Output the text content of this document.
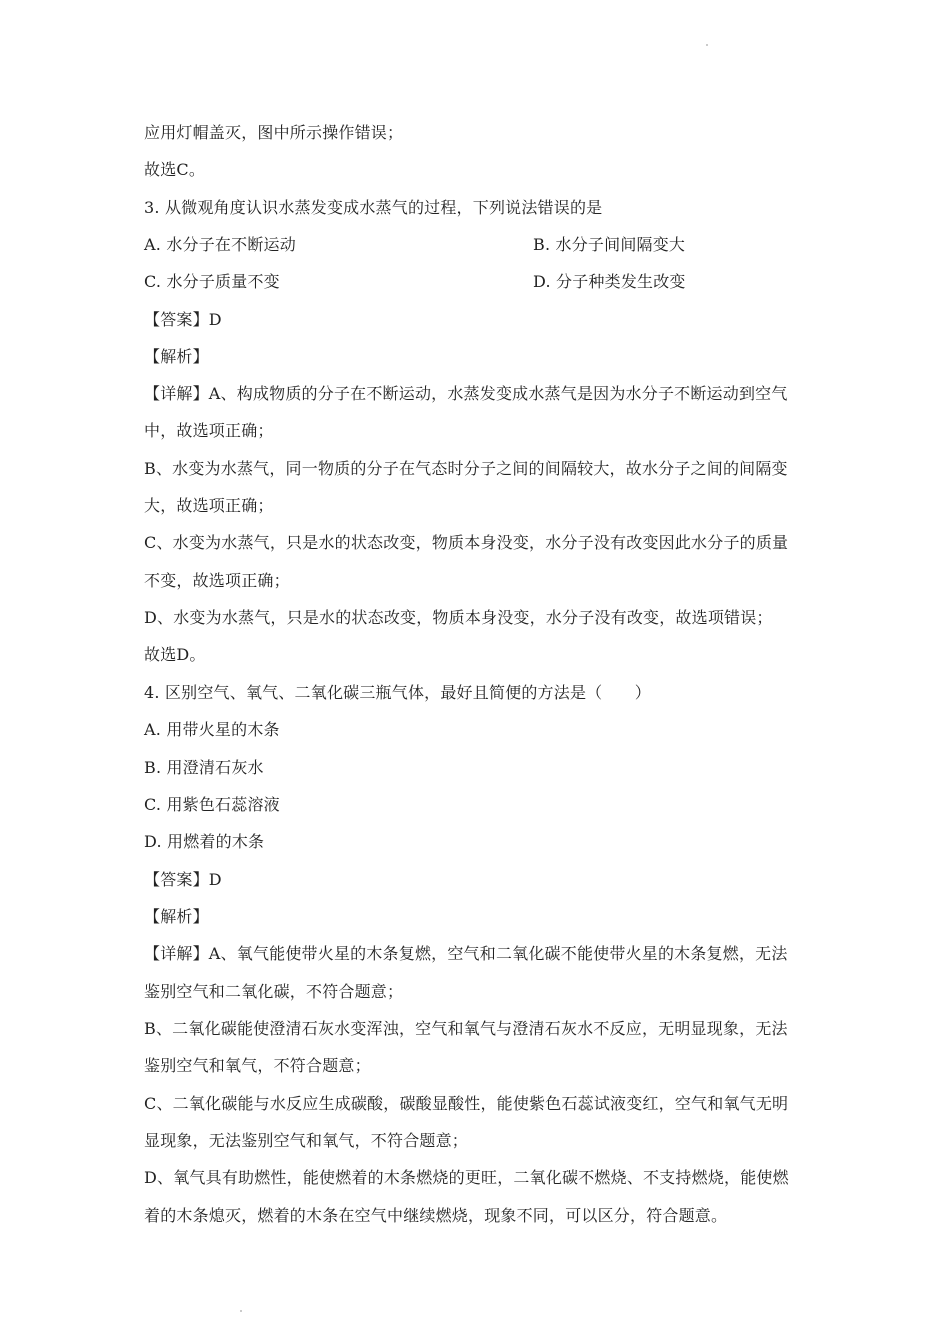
应用灯帽盖灭，图中所示操作错误；
故选C。
3. 从微观角度认识水蒸发变成水蒸气的过程，下列说法错误的是
A. 水分子在不断运动	B. 水分子间间隔变大
C. 水分子质量不变	D. 分子种类发生改变
【答案】D
【解析】
【详解】A、构成物质的分子在不断运动，水蒸发变成水蒸气是因为水分子不断运动到空气
中，故选项正确；
B、水变为水蒸气，同一物质的分子在气态时分子之间的间隔较大，故水分子之间的间隔变
大，故选项正确；
C、水变为水蒸气，只是水的状态改变，物质本身没变，水分子没有改变因此水分子的质量
不变，故选项正确；
D、水变为水蒸气，只是水的状态改变，物质本身没变，水分子没有改变，故选项错误；
故选D。
4. 区别空气、氧气、二氧化碳三瓶气体，最好且简便的方法是（　　）
A. 用带火星的木条
B. 用澄清石灰水
C. 用紫色石蕊溶液
D. 用燃着的木条
【答案】D
【解析】
【详解】A、氧气能使带火星的木条复燃，空气和二氧化碳不能使带火星的木条复燃，无法
鉴别空气和二氧化碳，不符合题意；
B、二氧化碳能使澄清石灰水变浑浊，空气和氧气与澄清石灰水不反应，无明显现象，无法
鉴别空气和氧气，不符合题意；
C、二氧化碳能与水反应生成碳酸，碳酸显酸性，能使紫色石蕊试液变红，空气和氧气无明
显现象，无法鉴别空气和氧气，不符合题意；
D、氧气具有助燃性，能使燃着的木条燃烧的更旺，二氧化碳不燃烧、不支持燃烧，能使燃
着的木条熄灭，燃着的木条在空气中继续燃烧，现象不同，可以区分，符合题意。
